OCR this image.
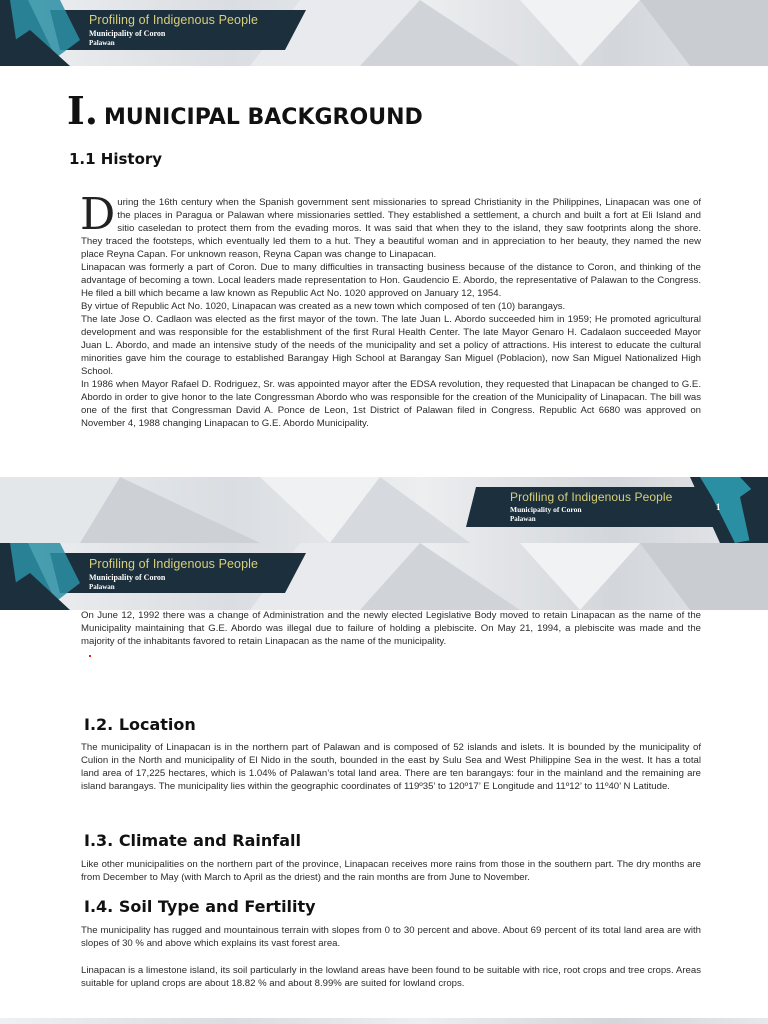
Profiling of Indigenous People
Municipality of Coron
Palawan
I. MUNICIPAL BACKGROUND
1.1 History
During the 16th century when the Spanish government sent missionaries to spread Christianity in the Philippines, Linapacan was one of the places in Paragua or Palawan where missionaries settled. They established a settlement, a church and built a fort at Eli Island and sitio caseledan to protect them from the evading moros. It was said that when they to the island, they saw footprints along the shore. They traced the footsteps, which eventually led them to a hut. They a beautiful woman and in appreciation to her beauty, they named the new place Reyna Capan. For unknown reason, Reyna Capan was change to Linapacan.
Linapacan was formerly a part of Coron. Due to many difficulties in transacting business because of the distance to Coron, and thinking of the advantage of becoming a town. Local leaders made representation to Hon. Gaudencio E. Abordo, the representative of Palawan to the Congress. He filed a bill which became a law known as Republic Act No. 1020 approved on January 12, 1954.
By virtue of Republic Act No. 1020, Linapacan was created as a new town which composed of ten (10) barangays.
The late Jose O. Cadlaon was elected as the first mayor of the town. The late Juan L. Abordo succeeded him in 1959; He promoted agricultural development and was responsible for the establishment of the first Rural Health Center. The late Mayor Genaro H. Cadalaon succeeded Mayor Juan L. Abordo, and made an intensive study of the needs of the municipality and set a policy of attractions. His interest to educate the cultural minorities gave him the courage to established Barangay High School at Barangay San Miguel (Poblacion), now San Miguel Nationalized High School.
In 1986 when Mayor Rafael D. Rodriguez, Sr. was appointed mayor after the EDSA revolution, they requested that Linapacan be changed to G.E. Abordo in order to give honor to the late Congressman Abordo who was responsible for the creation of the Municipality of Linapacan. The bill was one of the first that Congressman David A. Ponce de Leon, 1st District of Palawan filed in Congress. Republic Act 6680 was approved on November 4, 1988 changing Linapacan to G.E. Abordo Municipality.
Profiling of Indigenous People
Municipality of Coron
Palawan
1
Profiling of Indigenous People
Municipality of Coron
Palawan

On June 12, 1992 there was a change of Administration and the newly elected Legislative Body moved to retain Linapacan as the name of the Municipality maintaining that G.E. Abordo was illegal due to failure of holding a plebiscite. On May 21, 1994, a plebiscite was made and the majority of the inhabitants favored to retain Linapacan as the name of the municipality.

I.2. Location

The municipality of Linapacan is in the northern part of Palawan and is composed of 52 islands and islets. It is bounded by the municipality of Culion in the North and municipality of El Nido in the south, bounded in the east by Sulu Sea and West Philippine Sea in the west. It has a total land area of 17,225 hectares, which is 1.04% of Palawan’s total land area. There are ten barangays: four in the mainland and the remaining are island barangays. The municipality lies within the geographic coordinates of 119º35’ to 120º17’ E Longitude and 11º12’ to 11º40’ N Latitude.

I.3. Climate and Rainfall

Like other municipalities on the northern part of the province, Linapacan receives more rains from those in the southern part. The dry months are from December to May (with March to April as the driest) and the rain months are from June to November.

I.4. Soil Type and Fertility

The municipality has rugged and mountainous terrain with slopes from 0 to 30 percent and above. About 69 percent of its total land area are with slopes of 30 % and above which explains its vast forest area.

Linapacan is a limestone island, its soil particularly in the lowland areas have been found to be suitable with rice, root crops and tree crops. Areas suitable for upland crops are about 18.82 % and about 8.99% are suited for lowland crops.
